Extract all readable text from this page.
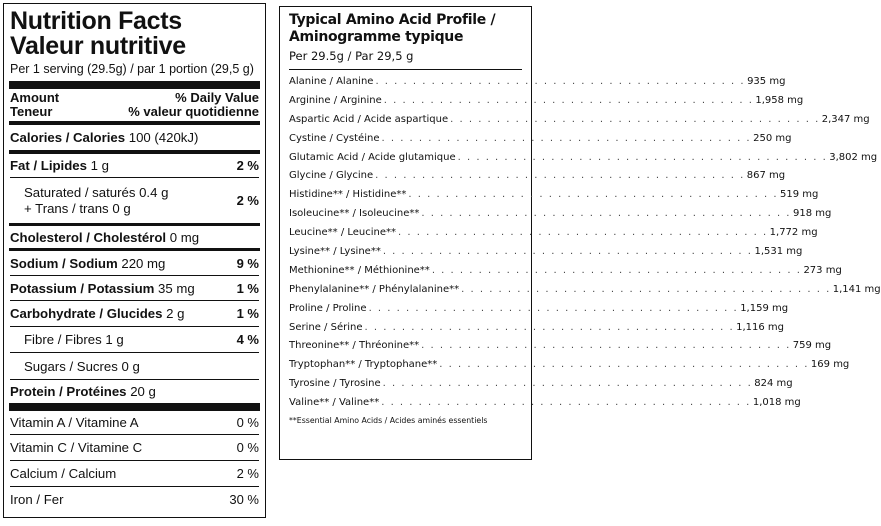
Nutrition Facts
Valeur nutritive
Per 1 serving (29.5g) / par 1 portion (29,5 g)
Amount
Teneur
% Daily Value
% valeur quotidienne
Calories / Calories 100 (420kJ)
Fat / Lipides 1 g	2 %
Saturated / saturés 0.4 g
+ Trans / trans 0 g	2 %
Cholesterol / Cholestérol 0 mg
Sodium / Sodium 220 mg	9 %
Potassium / Potassium 35 mg	1 %
Carbohydrate / Glucides 2 g	1 %
Fibre / Fibres 1 g	4 %
Sugars / Sucres 0 g
Protein / Protéines 20 g
Vitamin A / Vitamine A	0 %
Vitamin C / Vitamine C	0 %
Calcium / Calcium	2 %
Iron / Fer	30 %
Typical Amino Acid Profile /
Aminogramme typique
Per 29.5g / Par 29,5 g
Alanine / Alanine . . . . . . . . . . . . . . . . . . . . . . . . . . . . . . . . . . . . . . . . 935 mg
Arginine / Arginine . . . . . . . . . . . . . . . . . . . . . . . . . . . . . . . . . . . . . . . . 1,958 mg
Aspartic Acid / Acide aspartique . . . . . . . . . . . . . . . . . . . . . . . . . . . . . . . . . . . . . . . . 2,347 mg
Cystine / Cystéine . . . . . . . . . . . . . . . . . . . . . . . . . . . . . . . . . . . . . . . . 250 mg
Glutamic Acid / Acide glutamique . . . . . . . . . . . . . . . . . . . . . . . . . . . . . . . . . . . . . . . . 3,802 mg
Glycine / Glycine . . . . . . . . . . . . . . . . . . . . . . . . . . . . . . . . . . . . . . . . 867 mg
Histidine** / Histidine** . . . . . . . . . . . . . . . . . . . . . . . . . . . . . . . . . . . . . . . . 519 mg
Isoleucine** / Isoleucine** . . . . . . . . . . . . . . . . . . . . . . . . . . . . . . . . . . . . . . . . 918 mg
Leucine** / Leucine** . . . . . . . . . . . . . . . . . . . . . . . . . . . . . . . . . . . . . . . . 1,772 mg
Lysine** / Lysine** . . . . . . . . . . . . . . . . . . . . . . . . . . . . . . . . . . . . . . . . 1,531 mg
Methionine** / Méthionine** . . . . . . . . . . . . . . . . . . . . . . . . . . . . . . . . . . . . . . . . 273 mg
Phenylalanine** / Phénylalanine** . . . . . . . . . . . . . . . . . . . . . . . . . . . . . . . . . . . . . . . . 1,141 mg
Proline / Proline . . . . . . . . . . . . . . . . . . . . . . . . . . . . . . . . . . . . . . . . 1,159 mg
Serine / Sérine . . . . . . . . . . . . . . . . . . . . . . . . . . . . . . . . . . . . . . . . 1,116 mg
Threonine** / Thréonine** . . . . . . . . . . . . . . . . . . . . . . . . . . . . . . . . . . . . . . . . 759 mg
Tryptophan** / Tryptophane** . . . . . . . . . . . . . . . . . . . . . . . . . . . . . . . . . . . . . . . . 169 mg
Tyrosine / Tyrosine . . . . . . . . . . . . . . . . . . . . . . . . . . . . . . . . . . . . . . . . 824 mg
Valine** / Valine** . . . . . . . . . . . . . . . . . . . . . . . . . . . . . . . . . . . . . . . . 1,018 mg
**Essential Amino Acids / Acides aminés essentiels
